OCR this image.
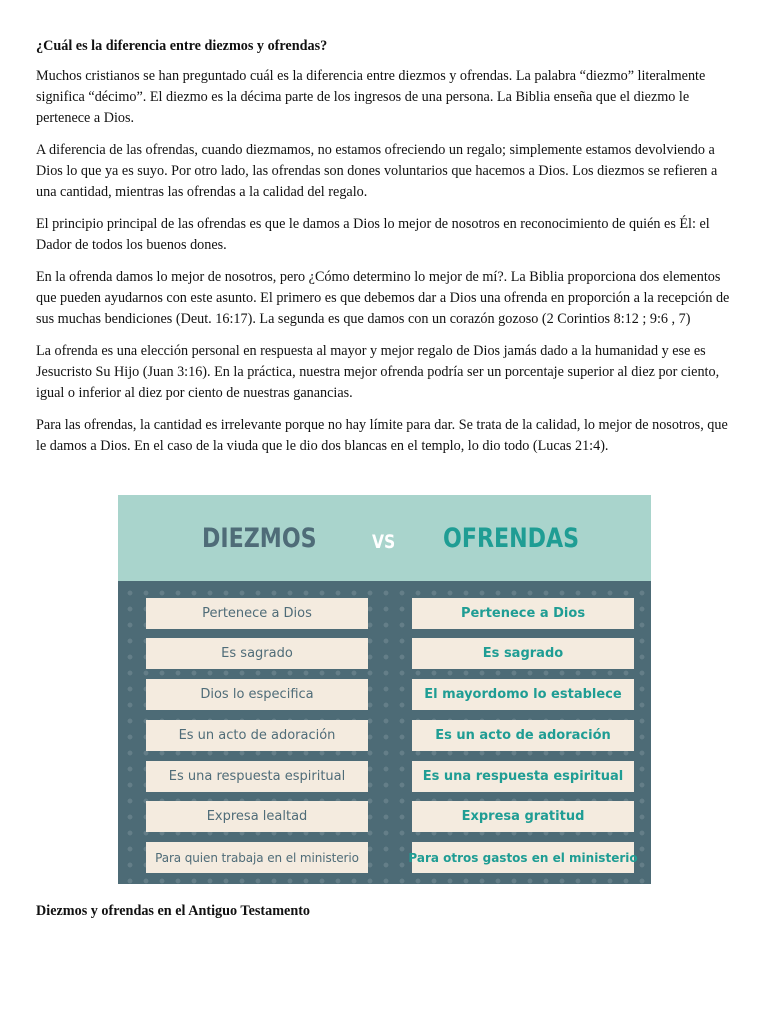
¿Cuál es la diferencia entre diezmos y ofrendas?

Muchos cristianos se han preguntado cuál es la diferencia entre diezmos y ofrendas. La palabra “diezmo” literalmente significa “décimo”. El diezmo es la décima parte de los ingresos de una persona. La Biblia enseña que el diezmo le pertenece a Dios.

A diferencia de las ofrendas, cuando diezmamos, no estamos ofreciendo un regalo; simplemente estamos devolviendo a Dios lo que ya es suyo. Por otro lado, las ofrendas son dones voluntarios que hacemos a Dios. Los diezmos se refieren a una cantidad, mientras las ofrendas a la calidad del regalo.

El principio principal de las ofrendas es que le damos a Dios lo mejor de nosotros en reconocimiento de quién es Él: el Dador de todos los buenos dones.

En la ofrenda damos lo mejor de nosotros, pero ¿Cómo determino lo mejor de mí?. La Biblia proporciona dos elementos que pueden ayudarnos con este asunto. El primero es que debemos dar a Dios una ofrenda en proporción a la recepción de sus muchas bendiciones (Deut. 16:17). La segunda es que damos con un corazón gozoso (2 Corintios 8:12 ; 9:6 , 7)

La ofrenda es una elección personal en respuesta al mayor y mejor regalo de Dios jamás dado a la humanidad y ese es Jesucristo Su Hijo (Juan 3:16). En la práctica, nuestra mejor ofrenda podría ser un porcentaje superior al diez por ciento, igual o inferior al diez por ciento de nuestras ganancias.

Para las ofrendas, la cantidad es irrelevante porque no hay límite para dar. Se trata de la calidad, lo mejor de nosotros, que le damos a Dios. En el caso de la viuda que le dio dos blancas en el templo, lo dio todo (Lucas 21:4).

DIEZMOS	VS OFRENDAS
Pertenece a Dios	Pertenece a Dios
Es sagrado	Es sagrado
Dios lo especifica	El mayordomo lo establece
Es un acto de adoración	Es un acto de adoración
Es una respuesta espiritual	Es una respuesta espiritual
Expresa lealtad	Expresa gratitud
Para quien trabaja en el ministerio	Para otros gastos en el ministerio

Diezmos y ofrendas en el Antiguo Testamento
